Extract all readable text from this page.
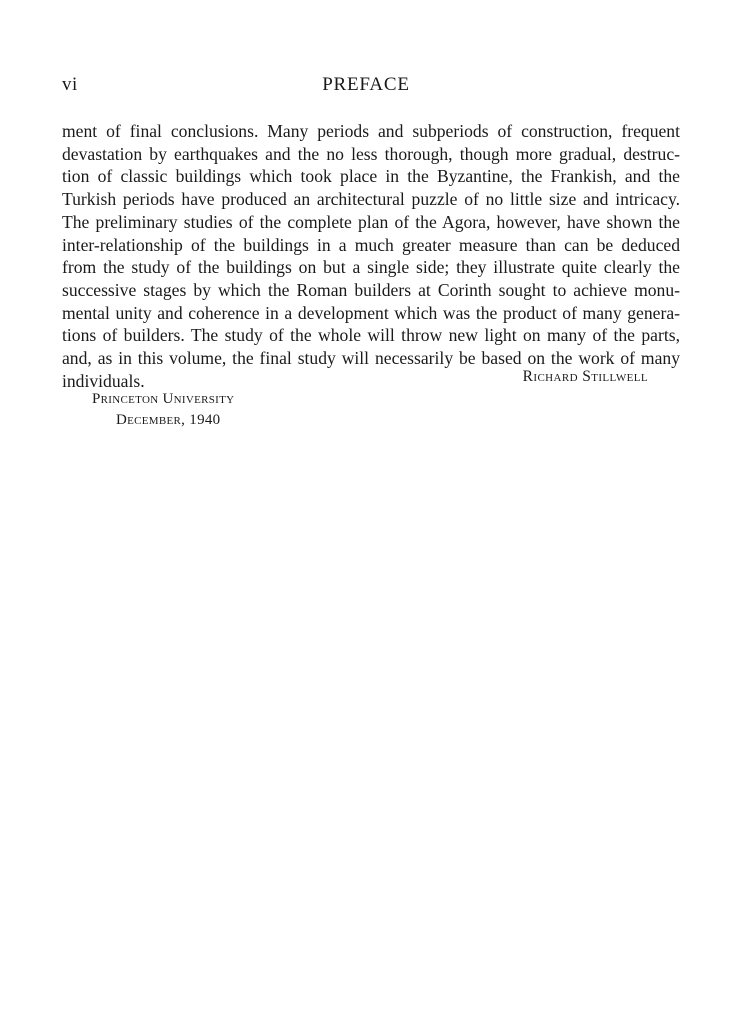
vi	PREFACE
ment of final conclusions. Many periods and subperiods of construction, frequent
devastation by earthquakes and the no less thorough, though more gradual, destruc-
tion of classic buildings which took place in the Byzantine, the Frankish, and the
Turkish periods have produced an architectural puzzle of no little size and intricacy.
The preliminary studies of the complete plan of the Agora, however, have shown the
inter-relationship of the buildings in a much greater measure than can be deduced
from the study of the buildings on but a single side; they illustrate quite clearly the
successive stages by which the Roman builders at Corinth sought to achieve monu-
mental unity and coherence in a development which was the product of many genera-
tions of builders. The study of the whole will throw new light on many of the parts,
and, as in this volume, the final study will necessarily be based on the work of many
individuals.	Richard Stillwell
Princeton University
December, 1940
